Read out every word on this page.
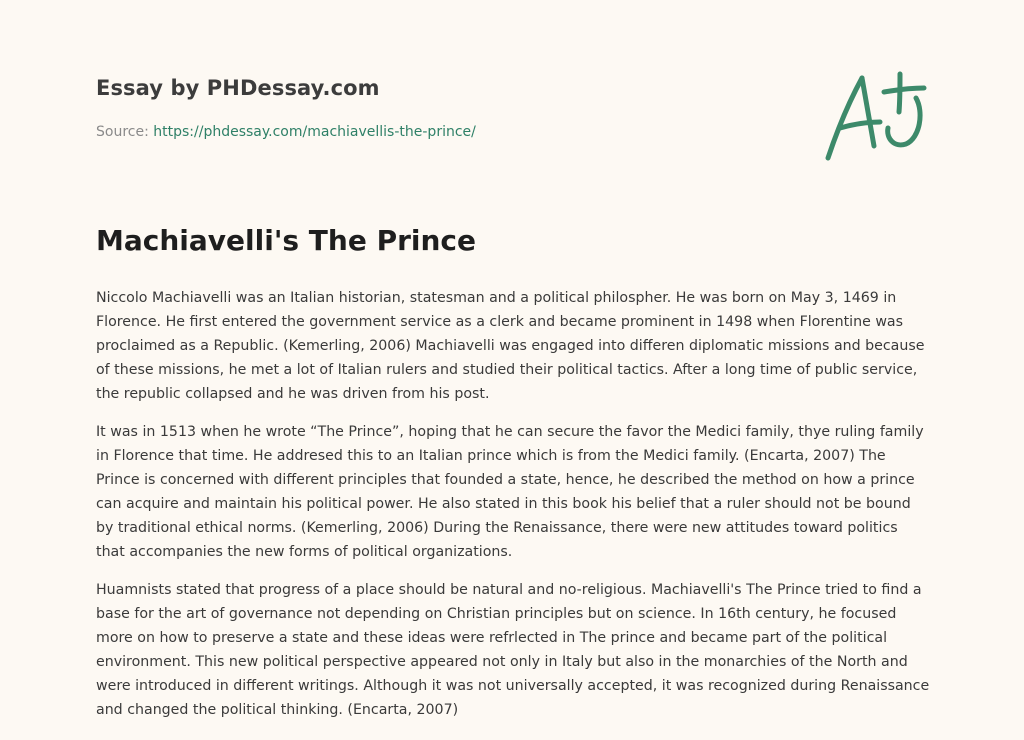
Essay by PHDessay.com
Source: https://phdessay.com/machiavellis-the-prince/
Machiavelli's The Prince

Niccolo Machiavelli was an Italian historian, statesman and a political philospher. He was born on May 3, 1469 in Florence. He first entered the government service as a clerk and became prominent in 1498 when Florentine was proclaimed as a Republic. (Kemerling, 2006) Machiavelli was engaged into differen diplomatic missions and because of these missions, he met a lot of Italian rulers and studied their political tactics. After a long time of public service, the republic collapsed and he was driven from his post.

It was in 1513 when he wrote “The Prince”, hoping that he can secure the favor the Medici family, thye ruling family in Florence that time. He addresed this to an Italian prince which is from the Medici family. (Encarta, 2007) The Prince is concerned with different principles that founded a state, hence, he described the method on how a prince can acquire and maintain his political power. He also stated in this book his belief that a ruler should not be bound by traditional ethical norms. (Kemerling, 2006) During the Renaissance, there were new attitudes toward politics that accompanies the new forms of political organizations.

Huamnists stated that progress of a place should be natural and no-religious. Machiavelli's The Prince tried to find a base for the art of governance not depending on Christian principles but on science. In 16th century, he focused more on how to preserve a state and these ideas were refrlected in The prince and became part of the political environment. This new political perspective appeared not only in Italy but also in the monarchies of the North and were introduced in different writings. Although it was not universally accepted, it was recognized during Renaissance and changed the political thinking. (Encarta, 2007)
